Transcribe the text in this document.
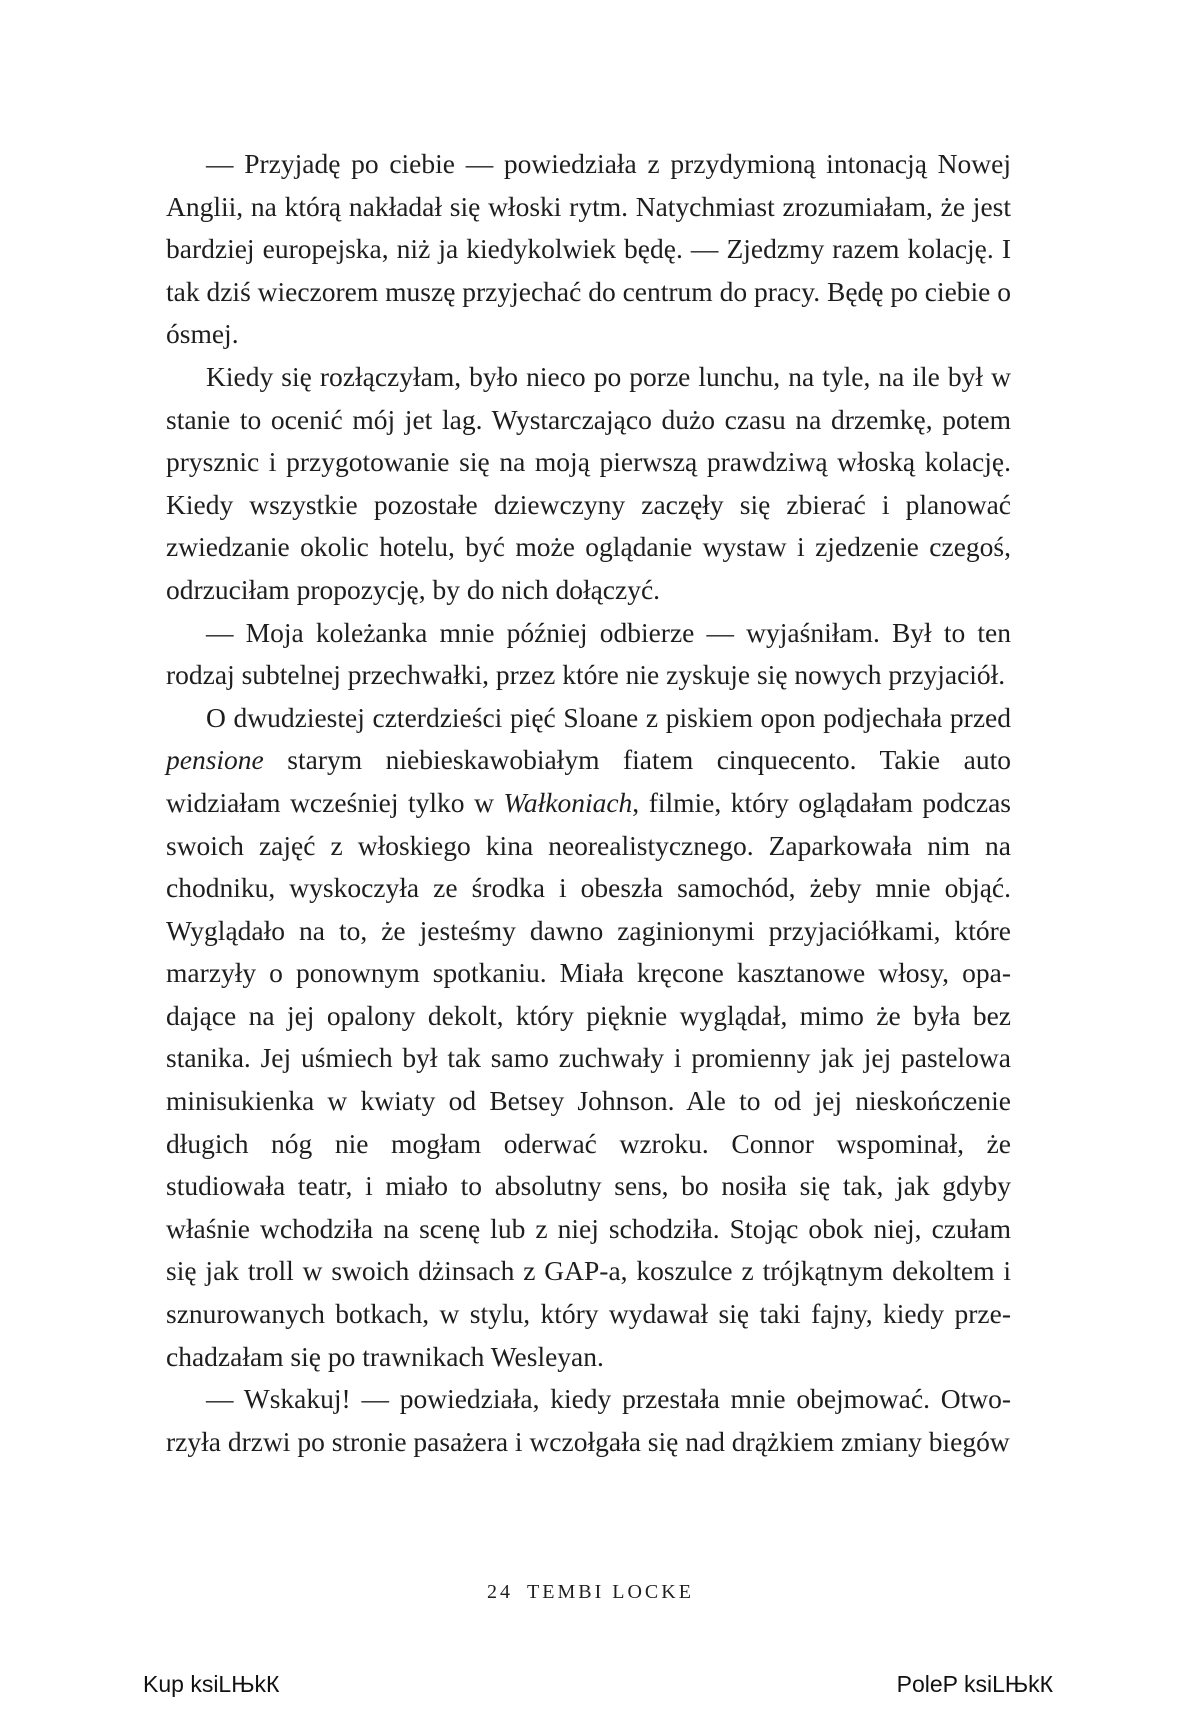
— Przyjadę po ciebie — powiedziała z przydymioną intonacją Nowej Anglii, na którą nakładał się włoski rytm. Natychmiast zrozumiałam, że jest bardziej europejska, niż ja kiedykolwiek będę. — Zjedzmy razem kolację. I tak dziś wieczorem muszę przyjechać do centrum do pracy. Będę po ciebie o ósmej.

Kiedy się rozłączyłam, było nieco po porze lunchu, na tyle, na ile był w stanie to ocenić mój jet lag. Wystarczająco dużo czasu na drzemkę, potem prysznic i przygotowanie się na moją pierwszą prawdziwą włoską kolację. Kiedy wszystkie pozostałe dziewczyny zaczęły się zbierać i planować zwiedzanie okolic hotelu, być może oglądanie wystaw i zjedzenie czegoś, odrzuciłam propozycję, by do nich dołączyć.

— Moja koleżanka mnie później odbierze — wyjaśniłam. Był to ten rodzaj subtelnej przechwałki, przez które nie zyskuje się nowych przyjaciół.

O dwudziestej czterdzieści pięć Sloane z piskiem opon podjechała przed pensione starym niebieskawobiałym fiatem cinquecento. Takie auto widziałam wcześniej tylko w Wałkoniach, filmie, który oglądałam podczas swoich zajęć z włoskiego kina neorealistycznego. Zaparkowała nim na chodniku, wyskoczyła ze środka i obeszła samochód, żeby mnie objąć. Wyglądało na to, że jesteśmy dawno zaginionymi przyjaciółkami, które marzyły o ponownym spotkaniu. Miała kręcone kasztanowe włosy, opadające na jej opalony dekolt, który pięknie wyglądał, mimo że była bez stanika. Jej uśmiech był tak samo zuchwały i promienny jak jej pastelowa minisukienka w kwiaty od Betsey Johnson. Ale to od jej nieskończenie długich nóg nie mogłam oderwać wzroku. Connor wspominał, że studiowała teatr, i miało to absolutny sens, bo nosiła się tak, jak gdyby właśnie wchodziła na scenę lub z niej schodziła. Stojąc obok niej, czułam się jak troll w swoich dżinsach z GAP-a, koszulce z trójkątnym dekoltem i sznurowanych botkach, w stylu, który wydawał się taki fajny, kiedy przechadzałam się po trawnikach Wesleyan.

— Wskakuj! — powiedziała, kiedy przestała mnie obejmować. Otworzyła drzwi po stronie pasażera i wczołgała się nad drążkiem zmiany biegów

24 TEMBI LOCKE
Kup ksiLЊkК	PoleP ksiLЊkК
